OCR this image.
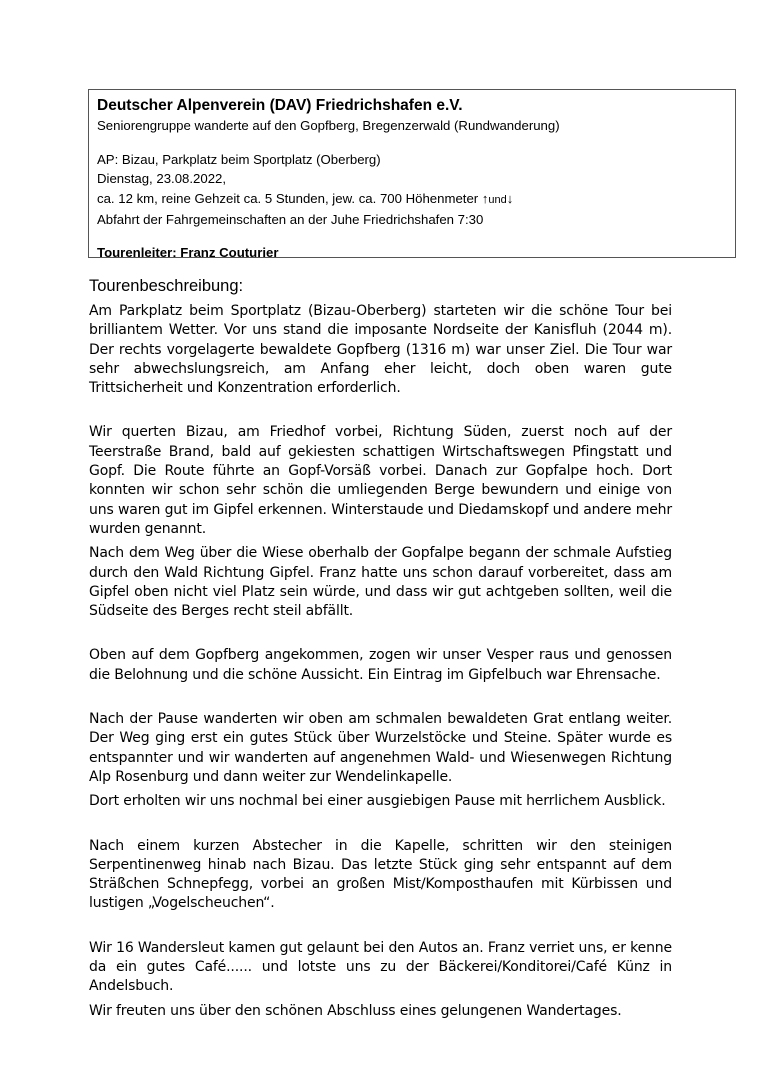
Deutscher Alpenverein (DAV) Friedrichshafen e.V.
Seniorengruppe wanderte auf den Gopfberg, Bregenzerwald (Rundwanderung)
AP: Bizau, Parkplatz beim Sportplatz (Oberberg)
Dienstag, 23.08.2022,
ca. 12 km, reine Gehzeit ca. 5 Stunden, jew. ca. 700 Höhenmeter ↑und↓
Abfahrt der Fahrgemeinschaften an der Juhe Friedrichshafen 7:30
Tourenleiter: Franz Couturier
Tourenbeschreibung:

Am Parkplatz beim Sportplatz (Bizau-Oberberg) starteten wir die schöne Tour bei brilliantem Wetter. Vor uns stand die imposante Nordseite der Kanisfluh (2044 m). Der rechts vorgelagerte bewaldete Gopfberg (1316 m) war unser Ziel. Die Tour war sehr abwechslungsreich, am Anfang eher leicht, doch oben waren gute Trittsicherheit und Konzentration erforderlich.

Wir querten Bizau, am Friedhof vorbei, Richtung Süden, zuerst noch auf der Teerstraße Brand, bald auf gekiesten schattigen Wirtschaftswegen Pfingstatt und Gopf. Die Route führte an Gopf-Vorsäß vorbei. Danach zur Gopfalpe hoch. Dort konnten wir schon sehr schön die umliegenden Berge bewundern und einige von uns waren gut im Gipfel erkennen. Winterstaude und Diedamskopf und andere mehr wurden genannt.

Nach dem Weg über die Wiese oberhalb der Gopfalpe begann der schmale Aufstieg durch den Wald Richtung Gipfel. Franz hatte uns schon darauf vorbereitet, dass am Gipfel oben nicht viel Platz sein würde, und dass wir gut achtgeben sollten, weil die Südseite des Berges recht steil abfällt.

Oben auf dem Gopfberg angekommen, zogen wir unser Vesper raus und genossen die Belohnung und die schöne Aussicht. Ein Eintrag im Gipfelbuch war Ehrensache.

Nach der Pause wanderten wir oben am schmalen bewaldeten Grat entlang weiter. Der Weg ging erst ein gutes Stück über Wurzelstöcke und Steine. Später wurde es entspannter und wir wanderten auf angenehmen Wald- und Wiesenwegen Richtung Alp Rosenburg und dann weiter zur Wendelinkapelle.

Dort erholten wir uns nochmal bei einer ausgiebigen Pause mit herrlichem Ausblick.

Nach einem kurzen Abstecher in die Kapelle, schritten wir den steinigen Serpentinenweg hinab nach Bizau. Das letzte Stück ging sehr entspannt auf dem Sträßchen Schnepfegg, vorbei an großen Mist/Komposthaufen mit Kürbissen und lustigen „Vogelscheuchen“.

Wir 16 Wandersleut kamen gut gelaunt bei den Autos an. Franz verriet uns, er kenne da ein gutes Café...... und lotste uns zu der Bäckerei/Konditorei/Café Künz in Andelsbuch.

Wir freuten uns über den schönen Abschluss eines gelungenen Wandertages.
